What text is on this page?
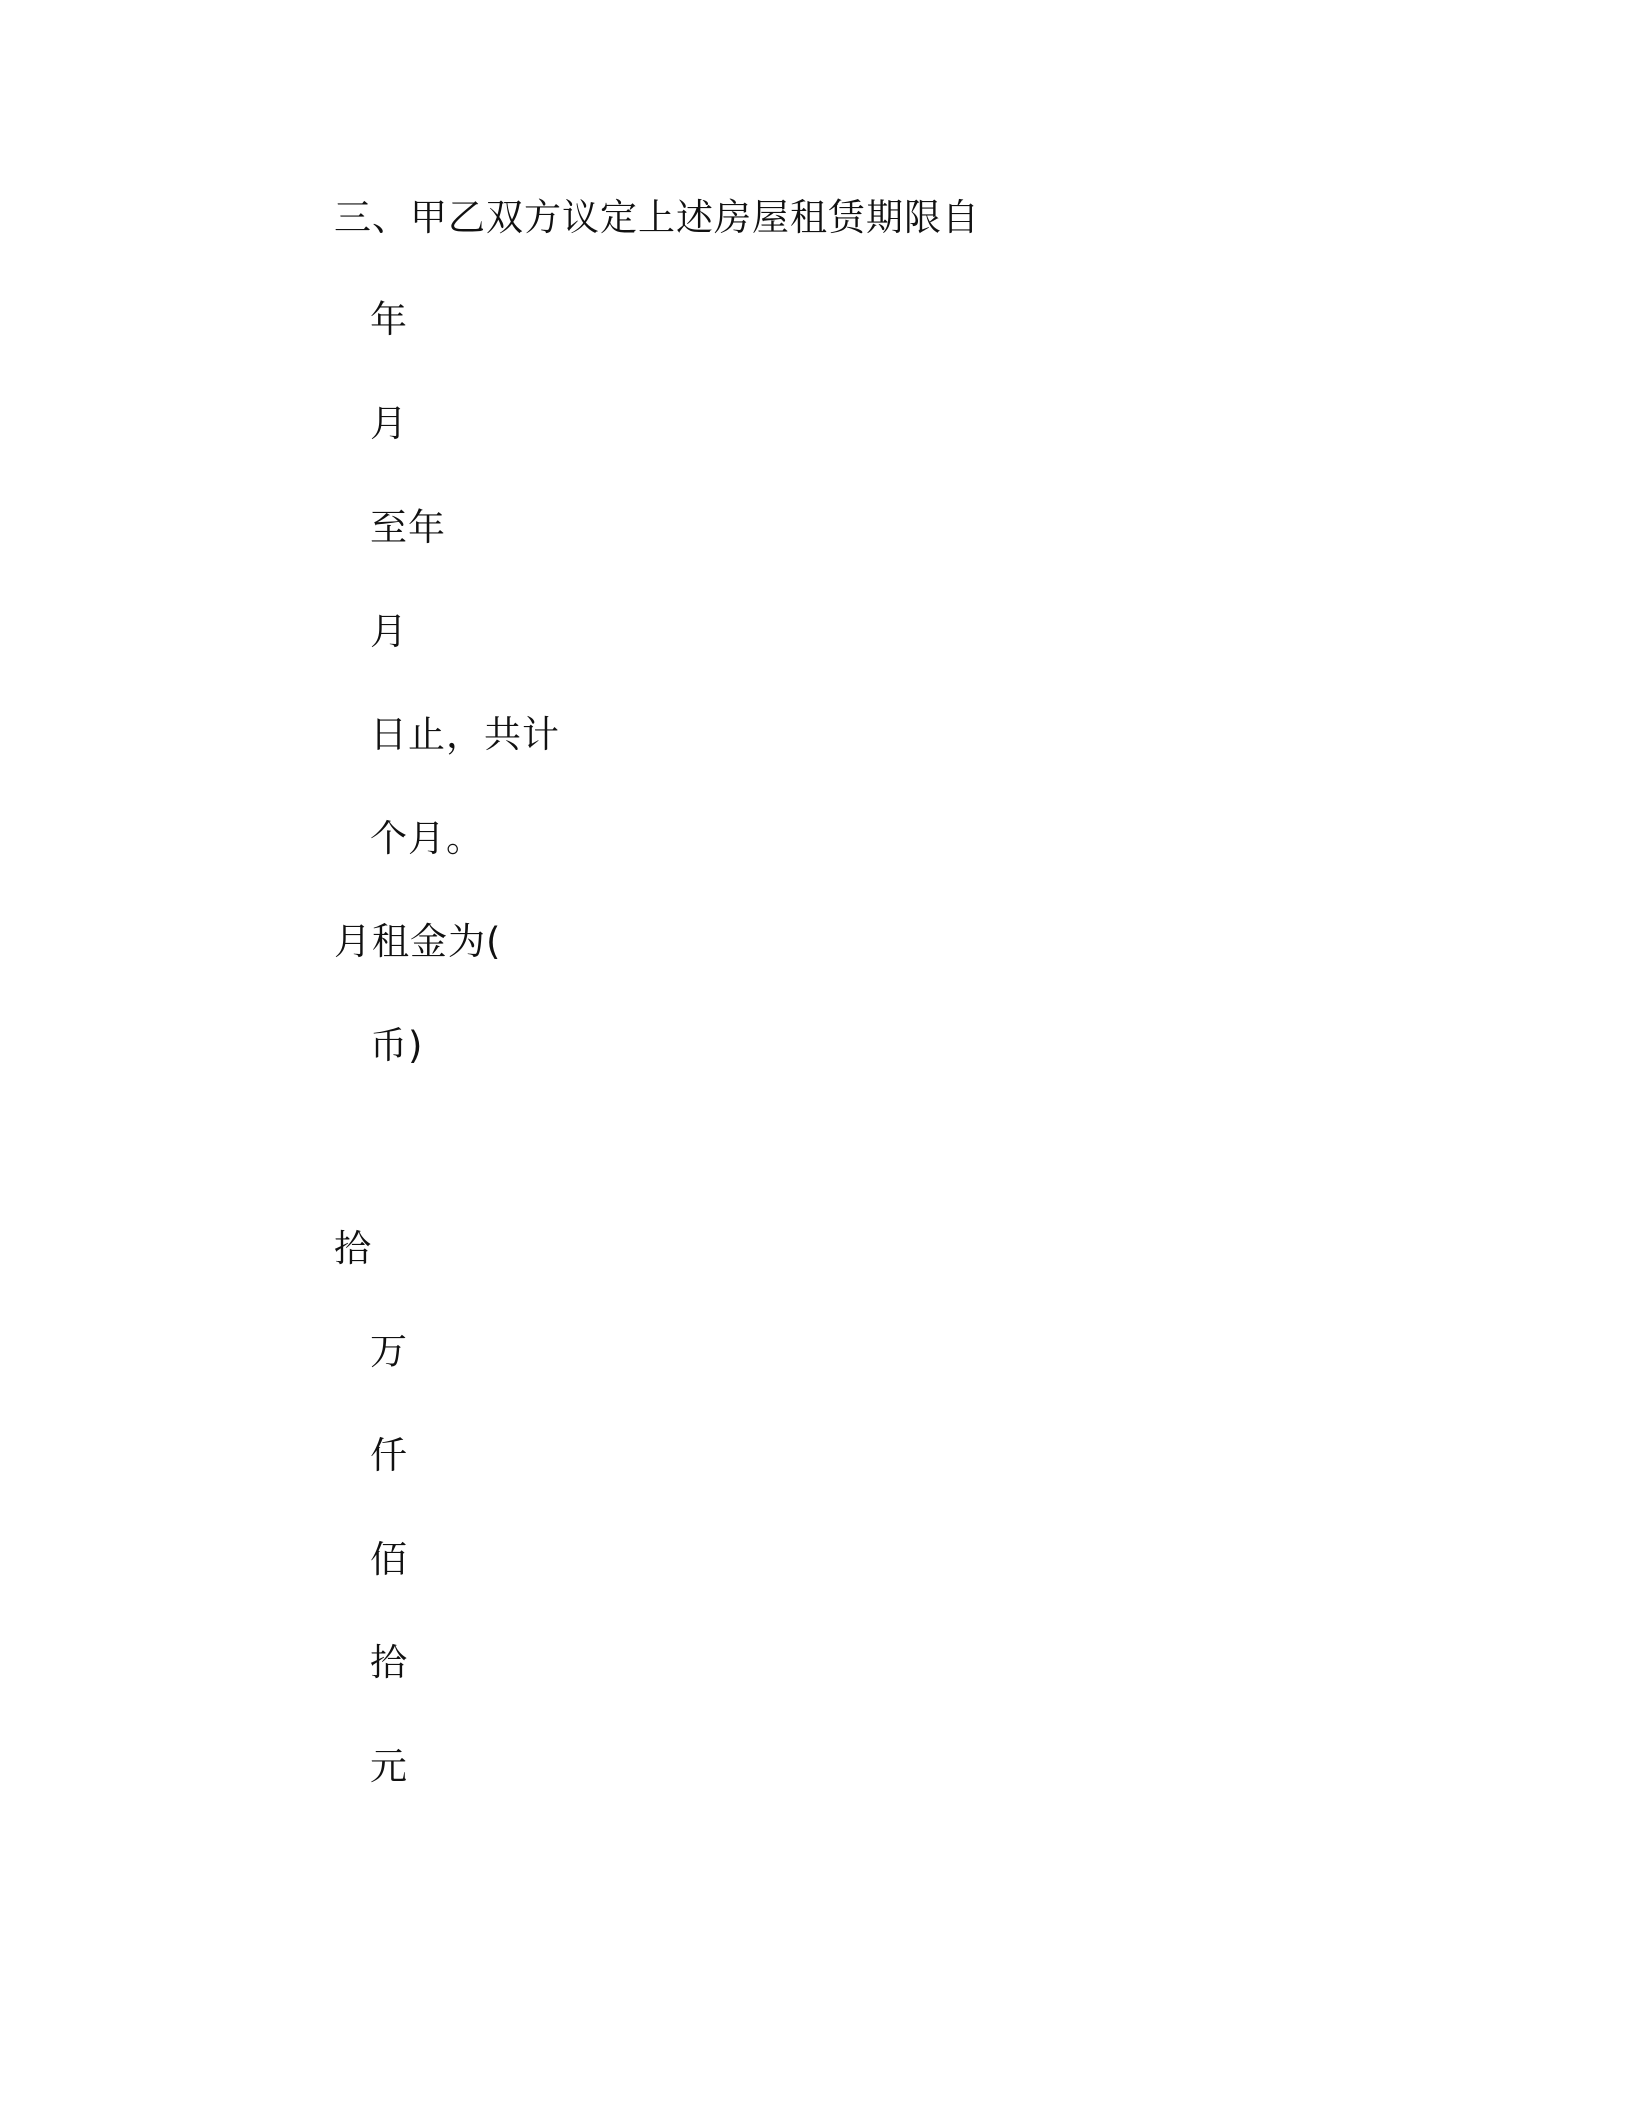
三、甲乙双方议定上述房屋租赁期限自
年
月
至年
月
日止，共计
个月。
月租金为(
币)
拾
万
仟
佰
拾
元
